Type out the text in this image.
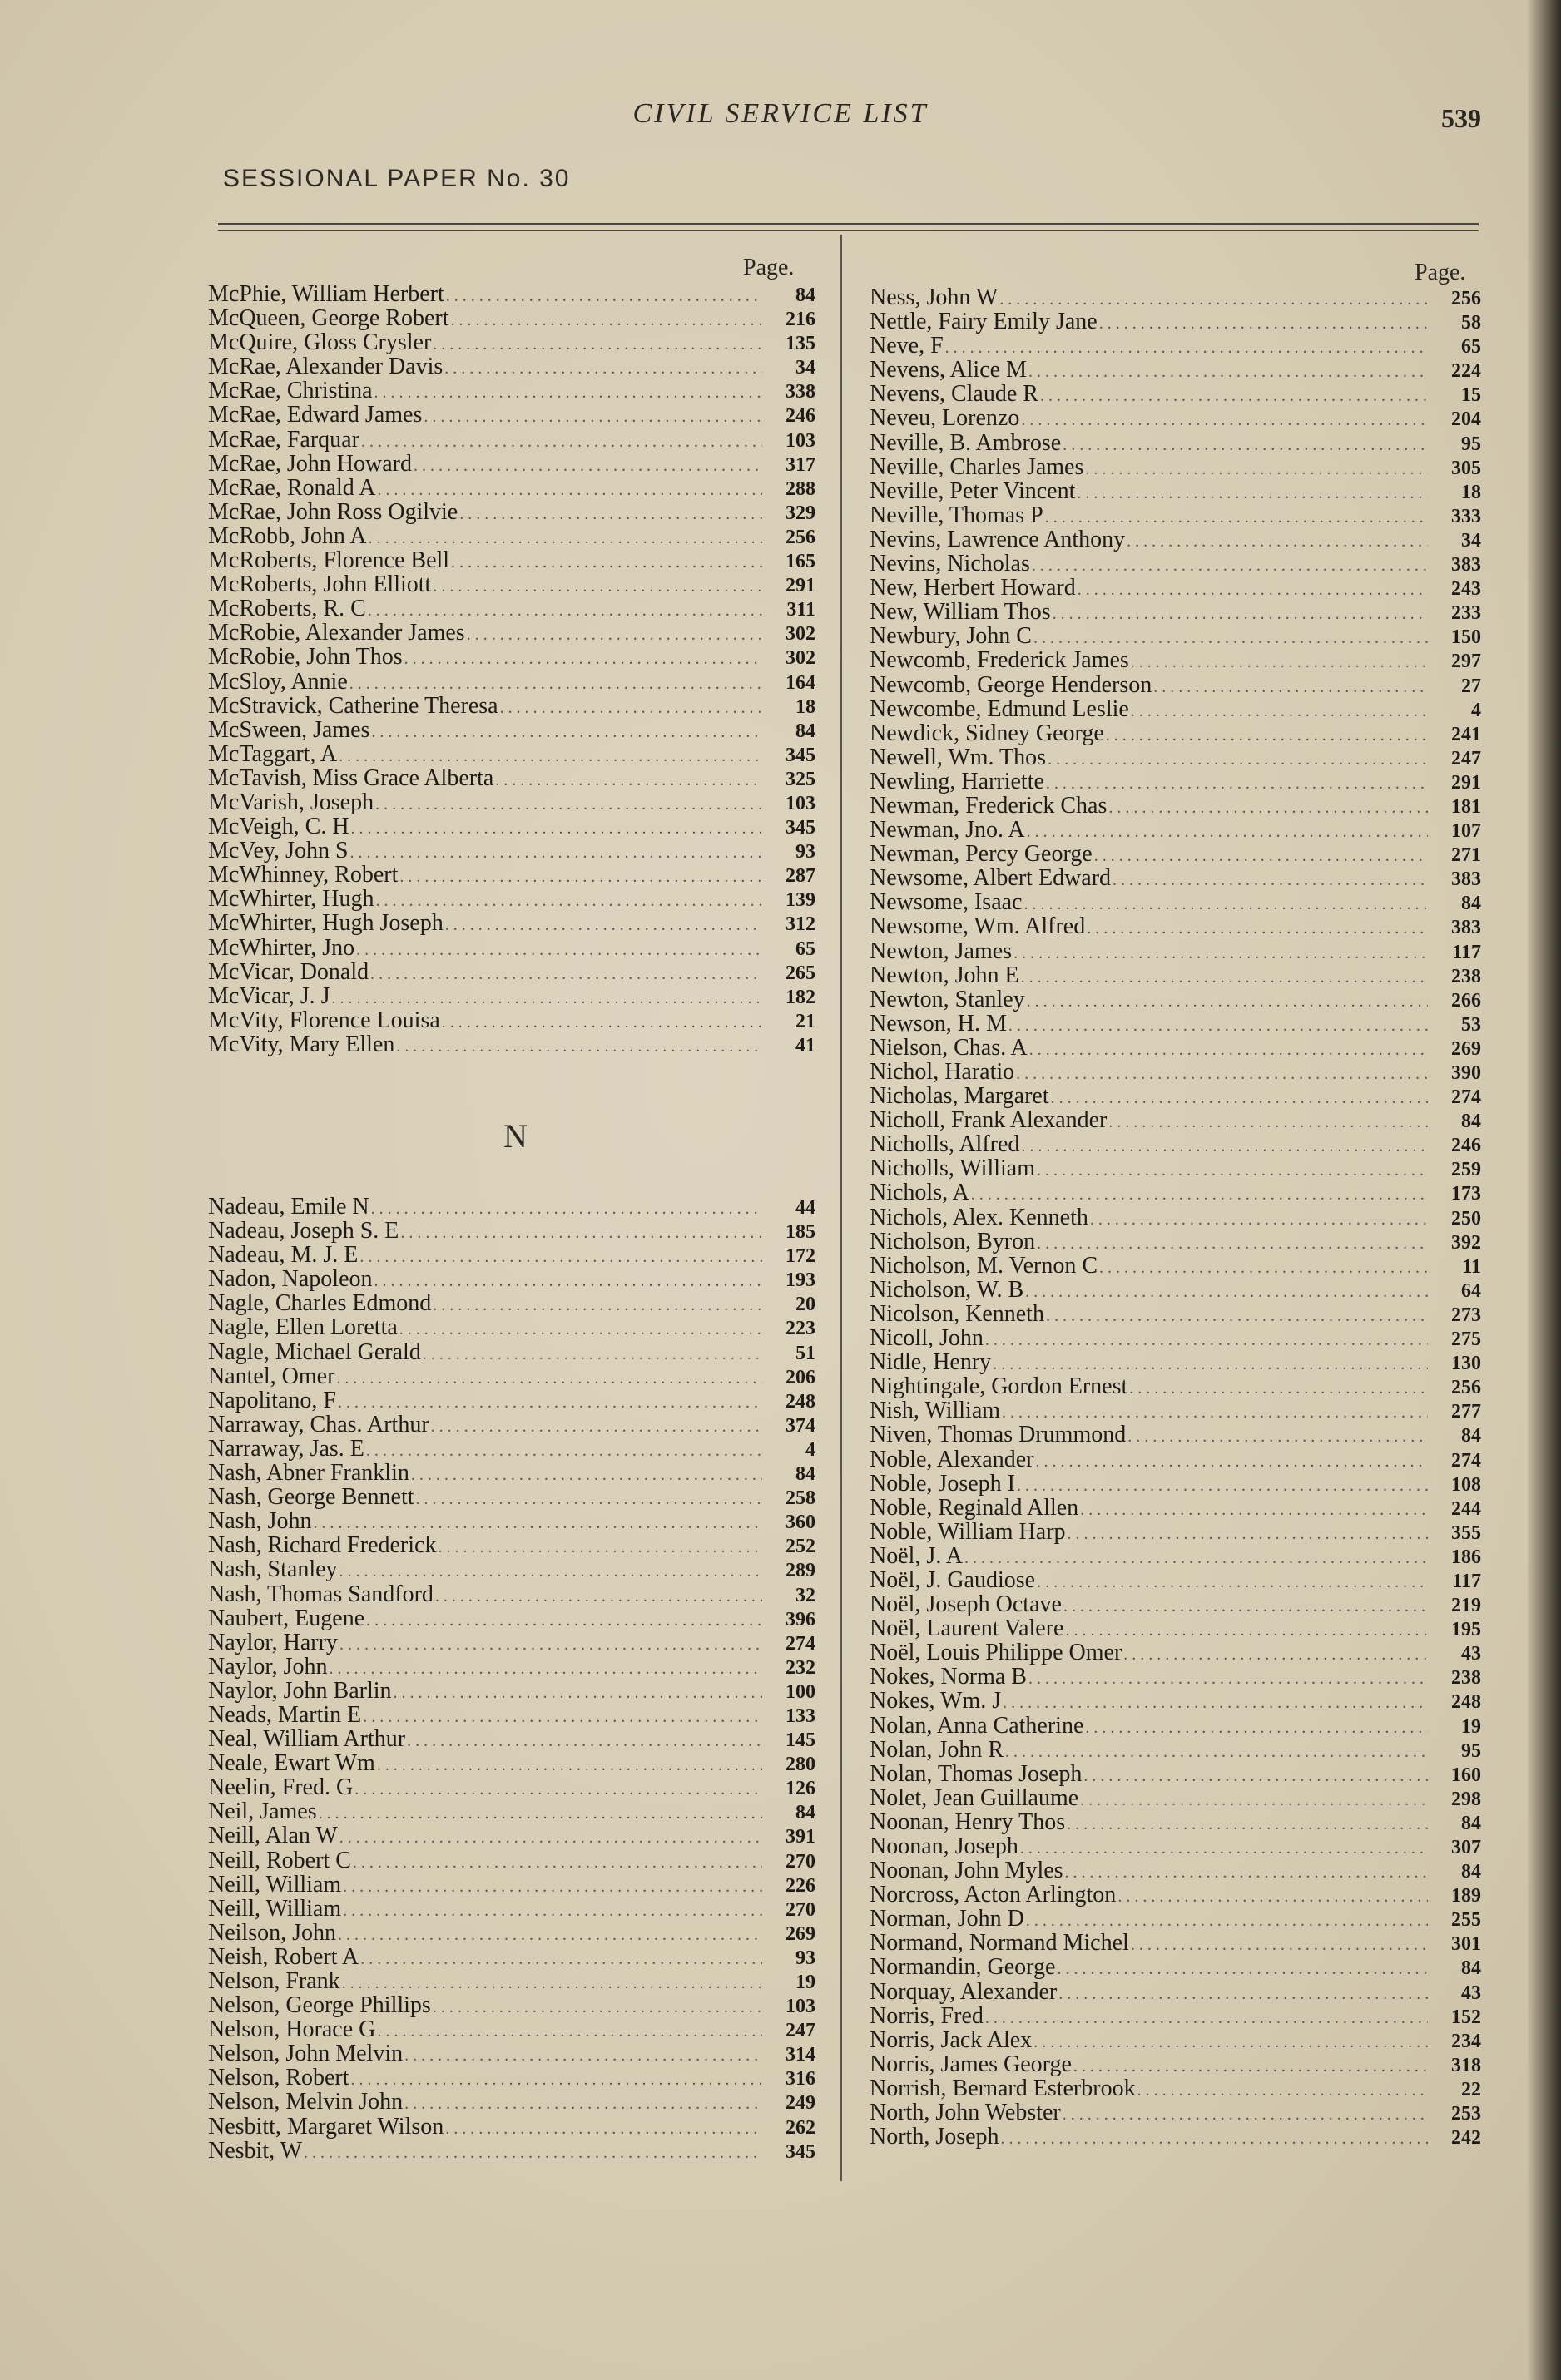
CIVIL SERVICE LIST	539
SESSIONAL PAPER No. 30
Page.	Page.
McPhie, William Herbert .....	84
McQueen, George Robert .....	216
McQuire, Gloss Crysler .....	135
McRae, Alexander Davis .....	34
McRae, Christina .....	338
McRae, Edward James .....	246
McRae, Farquar .....	103
McRae, John Howard .....	317
McRae, Ronald A .....	288
McRae, John Ross Ogilvie .....	329
McRobb, John A .....	256
McRoberts, Florence Bell .....	165
McRoberts, John Elliott .....	291
McRoberts, R. C .....	311
McRobie, Alexander James .....	302
McRobie, John Thos .....	302
McSloy, Annie .....	164
McStravick, Catherine Theresa .....	18
McSween, James .....	84
McTaggart, A .....	345
McTavish, Miss Grace Alberta .....	325
McVarish, Joseph .....	103
McVeigh, C. H .....	345
McVey, John S .....	93
McWhinney, Robert .....	287
McWhirter, Hugh .....	139
McWhirter, Hugh Joseph .....	312
McWhirter, Jno .....	65
McVicar, Donald .....	265
McVicar, J. J .....	182
McVity, Florence Louisa .....	21
McVity, Mary Ellen .....	41
N
Nadeau, Emile N .....	44
Nadeau, Joseph S. E .....	185
Nadeau, M. J. E .....	172
Nadon, Napoleon .....	193
Nagle, Charles Edmond .....	20
Nagle, Ellen Loretta .....	223
Nagle, Michael Gerald .....	51
Nantel, Omer .....	206
Napolitano, F .....	248
Narraway, Chas. Arthur .....	374
Narraway, Jas. E .....	4
Nash, Abner Franklin .....	84
Nash, George Bennett .....	258
Nash, John .....	360
Nash, Richard Frederick .....	252
Nash, Stanley .....	289
Nash, Thomas Sandford .....	32
Naubert, Eugene .....	396
Naylor, Harry .....	274
Naylor, John .....	232
Naylor, John Barlin .....	100
Neads, Martin E .....	133
Neal, William Arthur .....	145
Neale, Ewart Wm .....	280
Neelin, Fred. G .....	126
Neil, James .....	84
Neill, Alan W .....	391
Neill, Robert C .....	270
Neill, William .....	226
Neill, William .....	270
Neilson, John .....	269
Neish, Robert A .....	93
Nelson, Frank .....	19
Nelson, George Phillips .....	103
Nelson, Horace G .....	247
Nelson, John Melvin .....	314
Nelson, Robert .....	316
Nelson, Melvin John .....	249
Nesbitt, Margaret Wilson .....	262
Nesbit, W .....	345
Ness, John W .....	256
Nettle, Fairy Emily Jane .....	58
Neve, F .....	65
Nevens, Alice M .....	224
Nevens, Claude R .....	15
Neveu, Lorenzo .....	204
Neville, B. Ambrose .....	95
Neville, Charles James .....	305
Neville, Peter Vincent .....	18
Neville, Thomas P .....	333
Nevins, Lawrence Anthony .....	34
Nevins, Nicholas .....	383
New, Herbert Howard .....	243
New, William Thos .....	233
Newbury, John C .....	150
Newcomb, Frederick James .....	297
Newcomb, George Henderson .....	27
Newcombe, Edmund Leslie .....	4
Newdick, Sidney George .....	241
Newell, Wm. Thos .....	247
Newling, Harriette .....	291
Newman, Frederick Chas .....	181
Newman, Jno. A .....	107
Newman, Percy George .....	271
Newsome, Albert Edward .....	383
Newsome, Isaac .....	84
Newsome, Wm. Alfred .....	383
Newton, James .....	117
Newton, John E .....	238
Newton, Stanley .....	266
Newson, H. M .....	53
Nielson, Chas. A .....	269
Nichol, Haratio .....	390
Nicholas, Margaret .....	274
Nicholl, Frank Alexander .....	84
Nicholls, Alfred .....	246
Nicholls, William .....	259
Nichols, A .....	173
Nichols, Alex. Kenneth .....	250
Nicholson, Byron .....	392
Nicholson, M. Vernon C .....	11
Nicholson, W. B .....	64
Nicolson, Kenneth .....	273
Nicoll, John .....	275
Nidle, Henry .....	130
Nightingale, Gordon Ernest .....	256
Nish, William .....	277
Niven, Thomas Drummond .....	84
Noble, Alexander .....	274
Noble, Joseph I .....	108
Noble, Reginald Allen .....	244
Noble, William Harp .....	355
Noël, J. A .....	186
Noël, J. Gaudiose .....	117
Noël, Joseph Octave .....	219
Noël, Laurent Valere .....	195
Noël, Louis Philippe Omer .....	43
Nokes, Norma B .....	238
Nokes, Wm. J .....	248
Nolan, Anna Catherine .....	19
Nolan, John R .....	95
Nolan, Thomas Joseph .....	160
Nolet, Jean Guillaume .....	298
Noonan, Henry Thos .....	84
Noonan, Joseph .....	307
Noonan, John Myles .....	84
Norcross, Acton Arlington .....	189
Norman, John D .....	255
Normand, Normand Michel .....	301
Normandin, George .....	84
Norquay, Alexander .....	43
Norris, Fred .....	152
Norris, Jack Alex .....	234
Norris, James George .....	318
Norrish, Bernard Esterbrook .....	22
North, John Webster .....	253
North, Joseph .....	242
